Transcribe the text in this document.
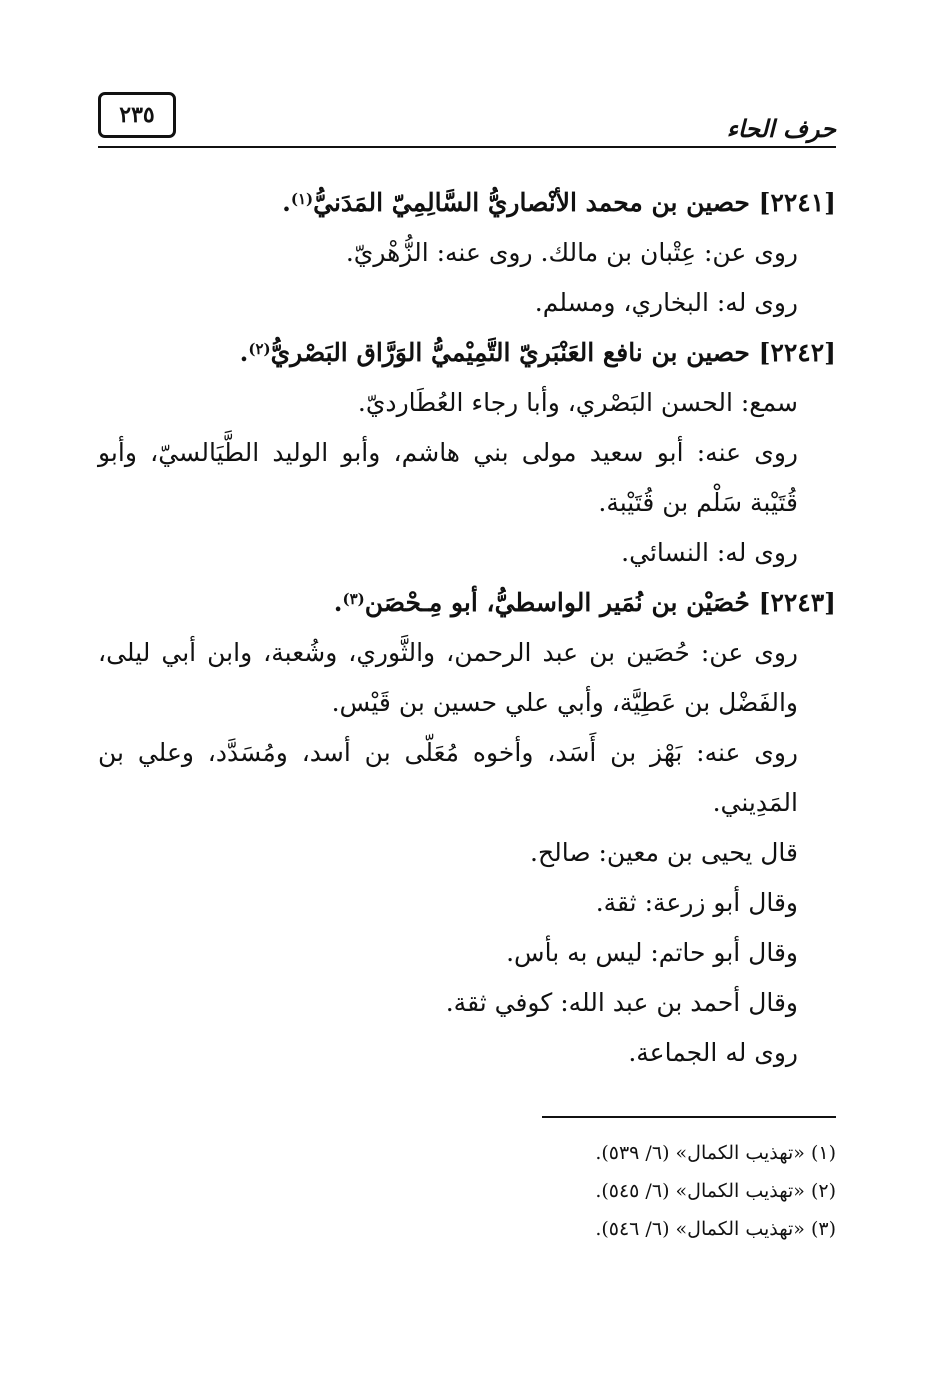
حرف الحاء
٢٣٥

[٢٢٤١] حصين بن محمد الأنْصاريُّ السَّالِمِيّ المَدَنيُّ$^{(١)}$.

روى عن: عِتْبان بن مالك. روى عنه: الزُّهْريّ.

روى له: البخاري، ومسلم.

[٢٢٤٢] حصين بن نافع العَنْبَريّ التَّمِيْميُّ الوَرَّاق البَصْريُّ$^{(٢)}$.

سمع: الحسن البَصْري، وأبا رجاء العُطَارديّ.

روى عنه: أبو سعيد مولى بني هاشم، وأبو الوليد الطَّيَالسيّ، وأبو قُتَيْبة سَلْم بن قُتَيْبة.

روى له: النسائي.

[٢٢٤٣] حُصَيْن بن نُمَير الواسطيُّ، أبو مِـحْصَن$^{(٣)}$.

روى عن: حُصَين بن عبد الرحمن، والثَّوري، وشُعبة، وابن أبي ليلى، والفَضْل بن عَطِيَّة، وأبي علي حسين بن قَيْس.

روى عنه: بَهْز بن أَسَد، وأخوه مُعَلّى بن أسد، ومُسَدَّد، وعلي بن المَدِيني.

قال يحيى بن معين: صالح.

وقال أبو زرعة: ثقة.

وقال أبو حاتم: ليس به بأس.

وقال أحمد بن عبد الله: كوفي ثقة.

روى له الجماعة.

(١) «تهذيب الكمال» (٦/ ٥٣٩).

(٢) «تهذيب الكمال» (٦/ ٥٤٥).

(٣) «تهذيب الكمال» (٦/ ٥٤٦).
